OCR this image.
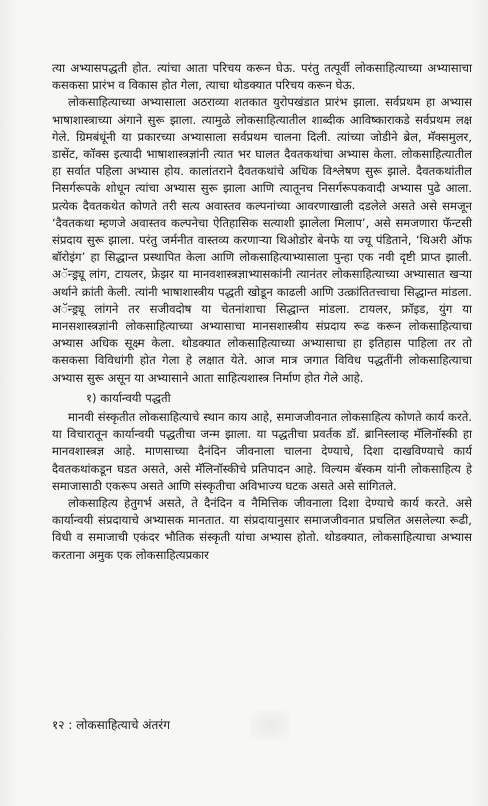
त्या अभ्यासपद्धती होत. त्यांचा आता परिचय करून घेऊ. परंतु तत्पूर्वी लोकसाहित्याच्या अभ्यासाचा कसकसा प्रारंभ व विकास होत गेला, त्याचा थोडक्यात परिचय करून घेऊ.

लोकसाहित्याच्या अभ्यासाला अठराव्या शतकात युरोपखंडात प्रारंभ झाला. सर्वप्रथम हा अभ्यास भाषाशास्त्राच्या अंगाने सुरू झाला. त्यामुळे लोकसाहित्यातील शाब्दीक आविष्काराकडे सर्वप्रथम लक्ष गेले. ग्रिमबंधूंनी या प्रकारच्या अभ्यासाला सर्वप्रथम चालना दिली. त्यांच्या जोडीने ब्रेल, मॅक्समुलर, डासेंट, कॉक्स इत्यादी भाषाशास्त्रज्ञांनी त्यात भर घालत दैवतकथांचा अभ्यास केला. लोकसाहित्यातील हा सर्वात पहिला अभ्यास होय. कालांतराने दैवतकथांचे अधिक विश्लेषण सुरू झाले. दैवतकथांतील निसर्गरूपके शोधून त्यांचा अभ्यास सुरू झाला आणि त्यातूनच निसर्गरूपकवादी अभ्यास पुढे आला. प्रत्येक दैवतकथेत कोणते तरी सत्य अवास्तव कल्पनांच्या आवरणाखाली दडलेले असते असे समजून ‘दैवतकथा म्हणजे अवास्तव कल्पनेचा ऐतिहासिक सत्याशी झालेला मिलाप’, असे समजणारा फॅन्टसी संप्रदाय सुरू झाला. परंतु जर्मनीत वास्तव्य करणाऱ्या थिओडोर बेनफे या ज्यू पंडिताने, ‘थिअरी ऑफ बॉरोइंग’ हा सिद्धान्त प्रस्थापित केला आणि लोकसाहित्याभ्यासाला पुन्हा एक नवी दृष्टी प्राप्त झाली. अॅन्ड्र्यू लांग, टायलर, फ्रेझर या मानवशास्त्रज्ञाभ्यासकांनी त्यानंतर लोकसाहित्याच्या अभ्यासात खऱ्या अर्थाने क्रांती केली. त्यांनी भाषाशास्त्रीय पद्धती खोडून काढली आणि उत्क्रांतितत्त्वाचा सिद्धान्त मांडला. अॅन्ड्र्यू लांगने तर सजीवदोष या चेतनांशाचा सिद्धान्त मांडला. टायलर, फ्रॉइड, युंग या मानसशास्त्रज्ञांनी लोकसाहित्याच्या अभ्यासाचा मानसशास्त्रीय संप्रदाय रूढ करून लोकसाहित्याचा अभ्यास अधिक सूक्ष्म केला. थोडक्यात लोकसाहित्याच्या अभ्यासाचा हा इतिहास पाहिला तर तो कसकसा विविधांगी होत गेला हे लक्षात येते. आज मात्र जगात विविध पद्धतींनी लोकसाहित्याचा अभ्यास सुरू असून या अभ्यासाने आता साहित्यशास्त्र निर्माण होत गेले आहे.

१) कार्यान्वयी पद्धती

मानवी संस्कृतीत लोकसाहित्याचे स्थान काय आहे, समाजजीवनात लोकसाहित्य कोणते कार्य करते. या विचारातून कार्यान्वयी पद्धतीचा जन्म झाला. या पद्धतीचा प्रवर्तक डॉ. ब्रानिस्लाव्ह मॅलिनॉस्की हा मानवशास्त्रज्ञ आहे. माणसाच्या दैनंदिन जीवनाला चालना देण्याचे, दिशा दाखविण्याचे कार्य दैवतकथांकडून घडत असते, असे मॅलिनॉस्कीचे प्रतिपादन आहे. विल्यम बॅस्कम यांनी लोकसाहित्य हे समाजासाठी एकरूप असते आणि संस्कृतीचा अविभाज्य घटक असते असे सांगितले.

लोकसाहित्य हेतुगर्भ असते, ते दैनंदिन व नैमित्तिक जीवनाला दिशा देण्याचे कार्य करते. असे कार्यान्वयी संप्रदायाचे अभ्यासक मानतात. या संप्रदायानुसार समाजजीवनात प्रचलित असलेल्या रूढी, विधी व समाजाची एकंदर भौतिक संस्कृती यांचा अभ्यास होतो. थोडक्यात, लोकसाहित्याचा अभ्यास करताना अमुक एक लोकसाहित्यप्रकार

१२ : लोकसाहित्याचे अंतरंग
